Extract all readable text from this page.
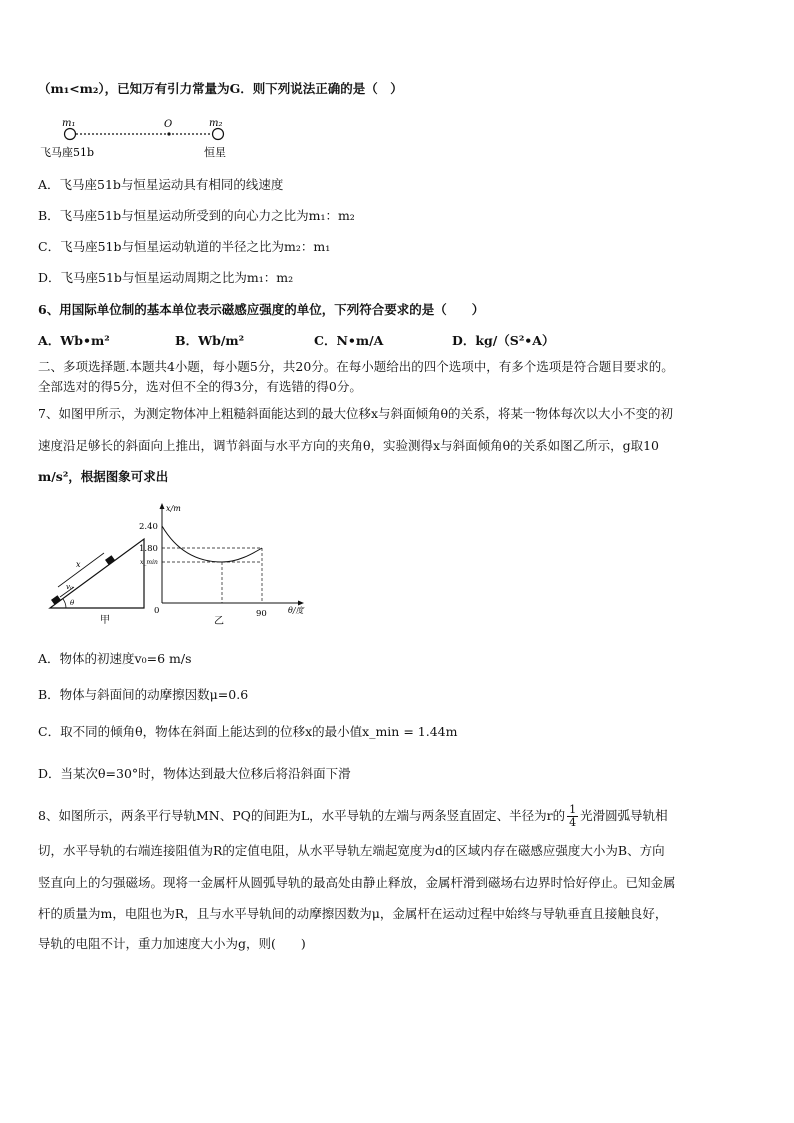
（m₁<m₂），已知万有引力常量为G．则下列说法正确的是（　）
m₁	O	m₂
飞马座51b	恒星
A．飞马座51b与恒星运动具有相同的线速度
B．飞马座51b与恒星运动所受到的向心力之比为m₁：m₂
C．飞马座51b与恒星运动轨道的半径之比为m₂：m₁
D．飞马座51b与恒星运动周期之比为m₁：m₂
6、用国际单位制的基本单位表示磁感应强度的单位，下列符合要求的是（　　）
A．Wb•m²	B．Wb/m²	C．N•m/A	D．kg/（S²•A）
二、多项选择题.本题共4小题，每小题5分，共20分。在每小题给出的四个选项中，有多个选项是符合题目要求的。
全部选对的得5分，选对但不全的得3分，有选错的得0分。
7、如图甲所示，为测定物体冲上粗糙斜面能达到的最大位移x与斜面倾角θ的关系，将某一物体每次以大小不变的初
速度沿足够长的斜面向上推出，调节斜面与水平方向的夹角θ，实验测得x与斜面倾角θ的关系如图乙所示，g取10
m/s²，根据图象可求出
x
v₀
θ
甲
x/m
2.40
1.80
x_min
0	90	θ/度
乙
A．物体的初速度v₀=6 m/s
B．物体与斜面间的动摩擦因数μ=0.6
C．取不同的倾角θ，物体在斜面上能达到的位移x的最小值x_min = 1.44m
D．当某次θ=30°时，物体达到最大位移后将沿斜面下滑
8、如图所示，两条平行导轨MN、PQ的间距为L，水平导轨的左端与两条竖直固定、半径为r的 $\frac{1}{4}$ 光滑圆弧导轨相
切，水平导轨的右端连接阻值为R的定值电阻，从水平导轨左端起宽度为d的区域内存在磁感应强度大小为B、方向
竖直向上的匀强磁场。现将一金属杆从圆弧导轨的最高处由静止释放，金属杆滑到磁场右边界时恰好停止。已知金属
杆的质量为m，电阻也为R，且与水平导轨间的动摩擦因数为μ，金属杆在运动过程中始终与导轨垂直且接触良好，
导轨的电阻不计，重力加速度大小为g，则(　　)
